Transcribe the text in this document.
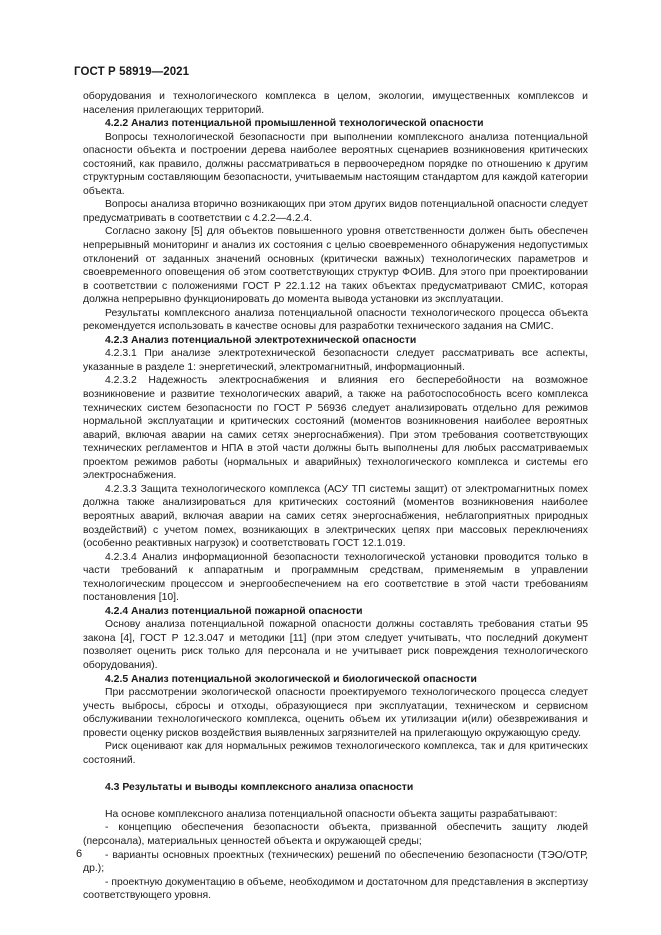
ГОСТ Р 58919—2021

оборудования и технологического комплекса в целом, экологии, имущественных комплексов и населения прилегающих территорий.

4.2.2 Анализ потенциальной промышленной технологической опасности

Вопросы технологической безопасности при выполнении комплексного анализа потенциальной опасности объекта и построении дерева наиболее вероятных сценариев возникновения критических состояний, как правило, должны рассматриваться в первоочередном порядке по отношению к другим структурным составляющим безопасности, учитываемым настоящим стандартом для каждой категории объекта.

Вопросы анализа вторично возникающих при этом других видов потенциальной опасности следует предусматривать в соответствии с 4.2.2—4.2.4.

Согласно закону [5] для объектов повышенного уровня ответственности должен быть обеспечен непрерывный мониторинг и анализ их состояния с целью своевременного обнаружения недопустимых отклонений от заданных значений основных (критически важных) технологических параметров и своевременного оповещения об этом соответствующих структур ФОИВ. Для этого при проектировании в соответствии с положениями ГОСТ Р 22.1.12 на таких объектах предусматривают СМИС, которая должна непрерывно функционировать до момента вывода установки из эксплуатации.

Результаты комплексного анализа потенциальной опасности технологического процесса объекта рекомендуется использовать в качестве основы для разработки технического задания на СМИС.

4.2.3 Анализ потенциальной электротехнической опасности

4.2.3.1 При анализе электротехнической безопасности следует рассматривать все аспекты, указанные в разделе 1: энергетический, электромагнитный, информационный.

4.2.3.2 Надежность электроснабжения и влияния его бесперебойности на возможное возникновение и развитие технологических аварий, а также на работоспособность всего комплекса технических систем безопасности по ГОСТ Р 56936 следует анализировать отдельно для режимов нормальной эксплуатации и критических состояний (моментов возникновения наиболее вероятных аварий, включая аварии на самих сетях энергоснабжения). При этом требования соответствующих технических регламентов и НПА в этой части должны быть выполнены для любых рассматриваемых проектом режимов работы (нормальных и аварийных) технологического комплекса и системы его электроснабжения.

4.2.3.3 Защита технологического комплекса (АСУ ТП системы защит) от электромагнитных помех должна также анализироваться для критических состояний (моментов возникновения наиболее вероятных аварий, включая аварии на самих сетях энергоснабжения, неблагоприятных природных воздействий) с учетом помех, возникающих в электрических цепях при массовых переключениях (особенно реактивных нагрузок) и соответствовать ГОСТ 12.1.019.

4.2.3.4 Анализ информационной безопасности технологической установки проводится только в части требований к аппаратным и программным средствам, применяемым в управлении технологическим процессом и энергообеспечением на его соответствие в этой части требованиям постановления [10].

4.2.4 Анализ потенциальной пожарной опасности

Основу анализа потенциальной пожарной опасности должны составлять требования статьи 95 закона [4], ГОСТ Р 12.3.047 и методики [11] (при этом следует учитывать, что последний документ позволяет оценить риск только для персонала и не учитывает риск повреждения технологического оборудования).

4.2.5 Анализ потенциальной экологической и биологической опасности

При рассмотрении экологической опасности проектируемого технологического процесса следует учесть выбросы, сбросы и отходы, образующиеся при эксплуатации, техническом и сервисном обслуживании технологического комплекса, оценить объем их утилизации и(или) обезвреживания и провести оценку рисков воздействия выявленных загрязнителей на прилегающую окружающую среду.

Риск оценивают как для нормальных режимов технологического комплекса, так и для критических состояний.

4.3 Результаты и выводы комплексного анализа опасности

На основе комплексного анализа потенциальной опасности объекта защиты разрабатывают:

- концепцию обеспечения безопасности объекта, призванной обеспечить защиту людей (персонала), материальных ценностей объекта и окружающей среды;

- варианты основных проектных (технических) решений по обеспечению безопасности (ТЭО/ОТР, др.);

- проектную документацию в объеме, необходимом и достаточном для представления в экспертизу соответствующего уровня.

6
